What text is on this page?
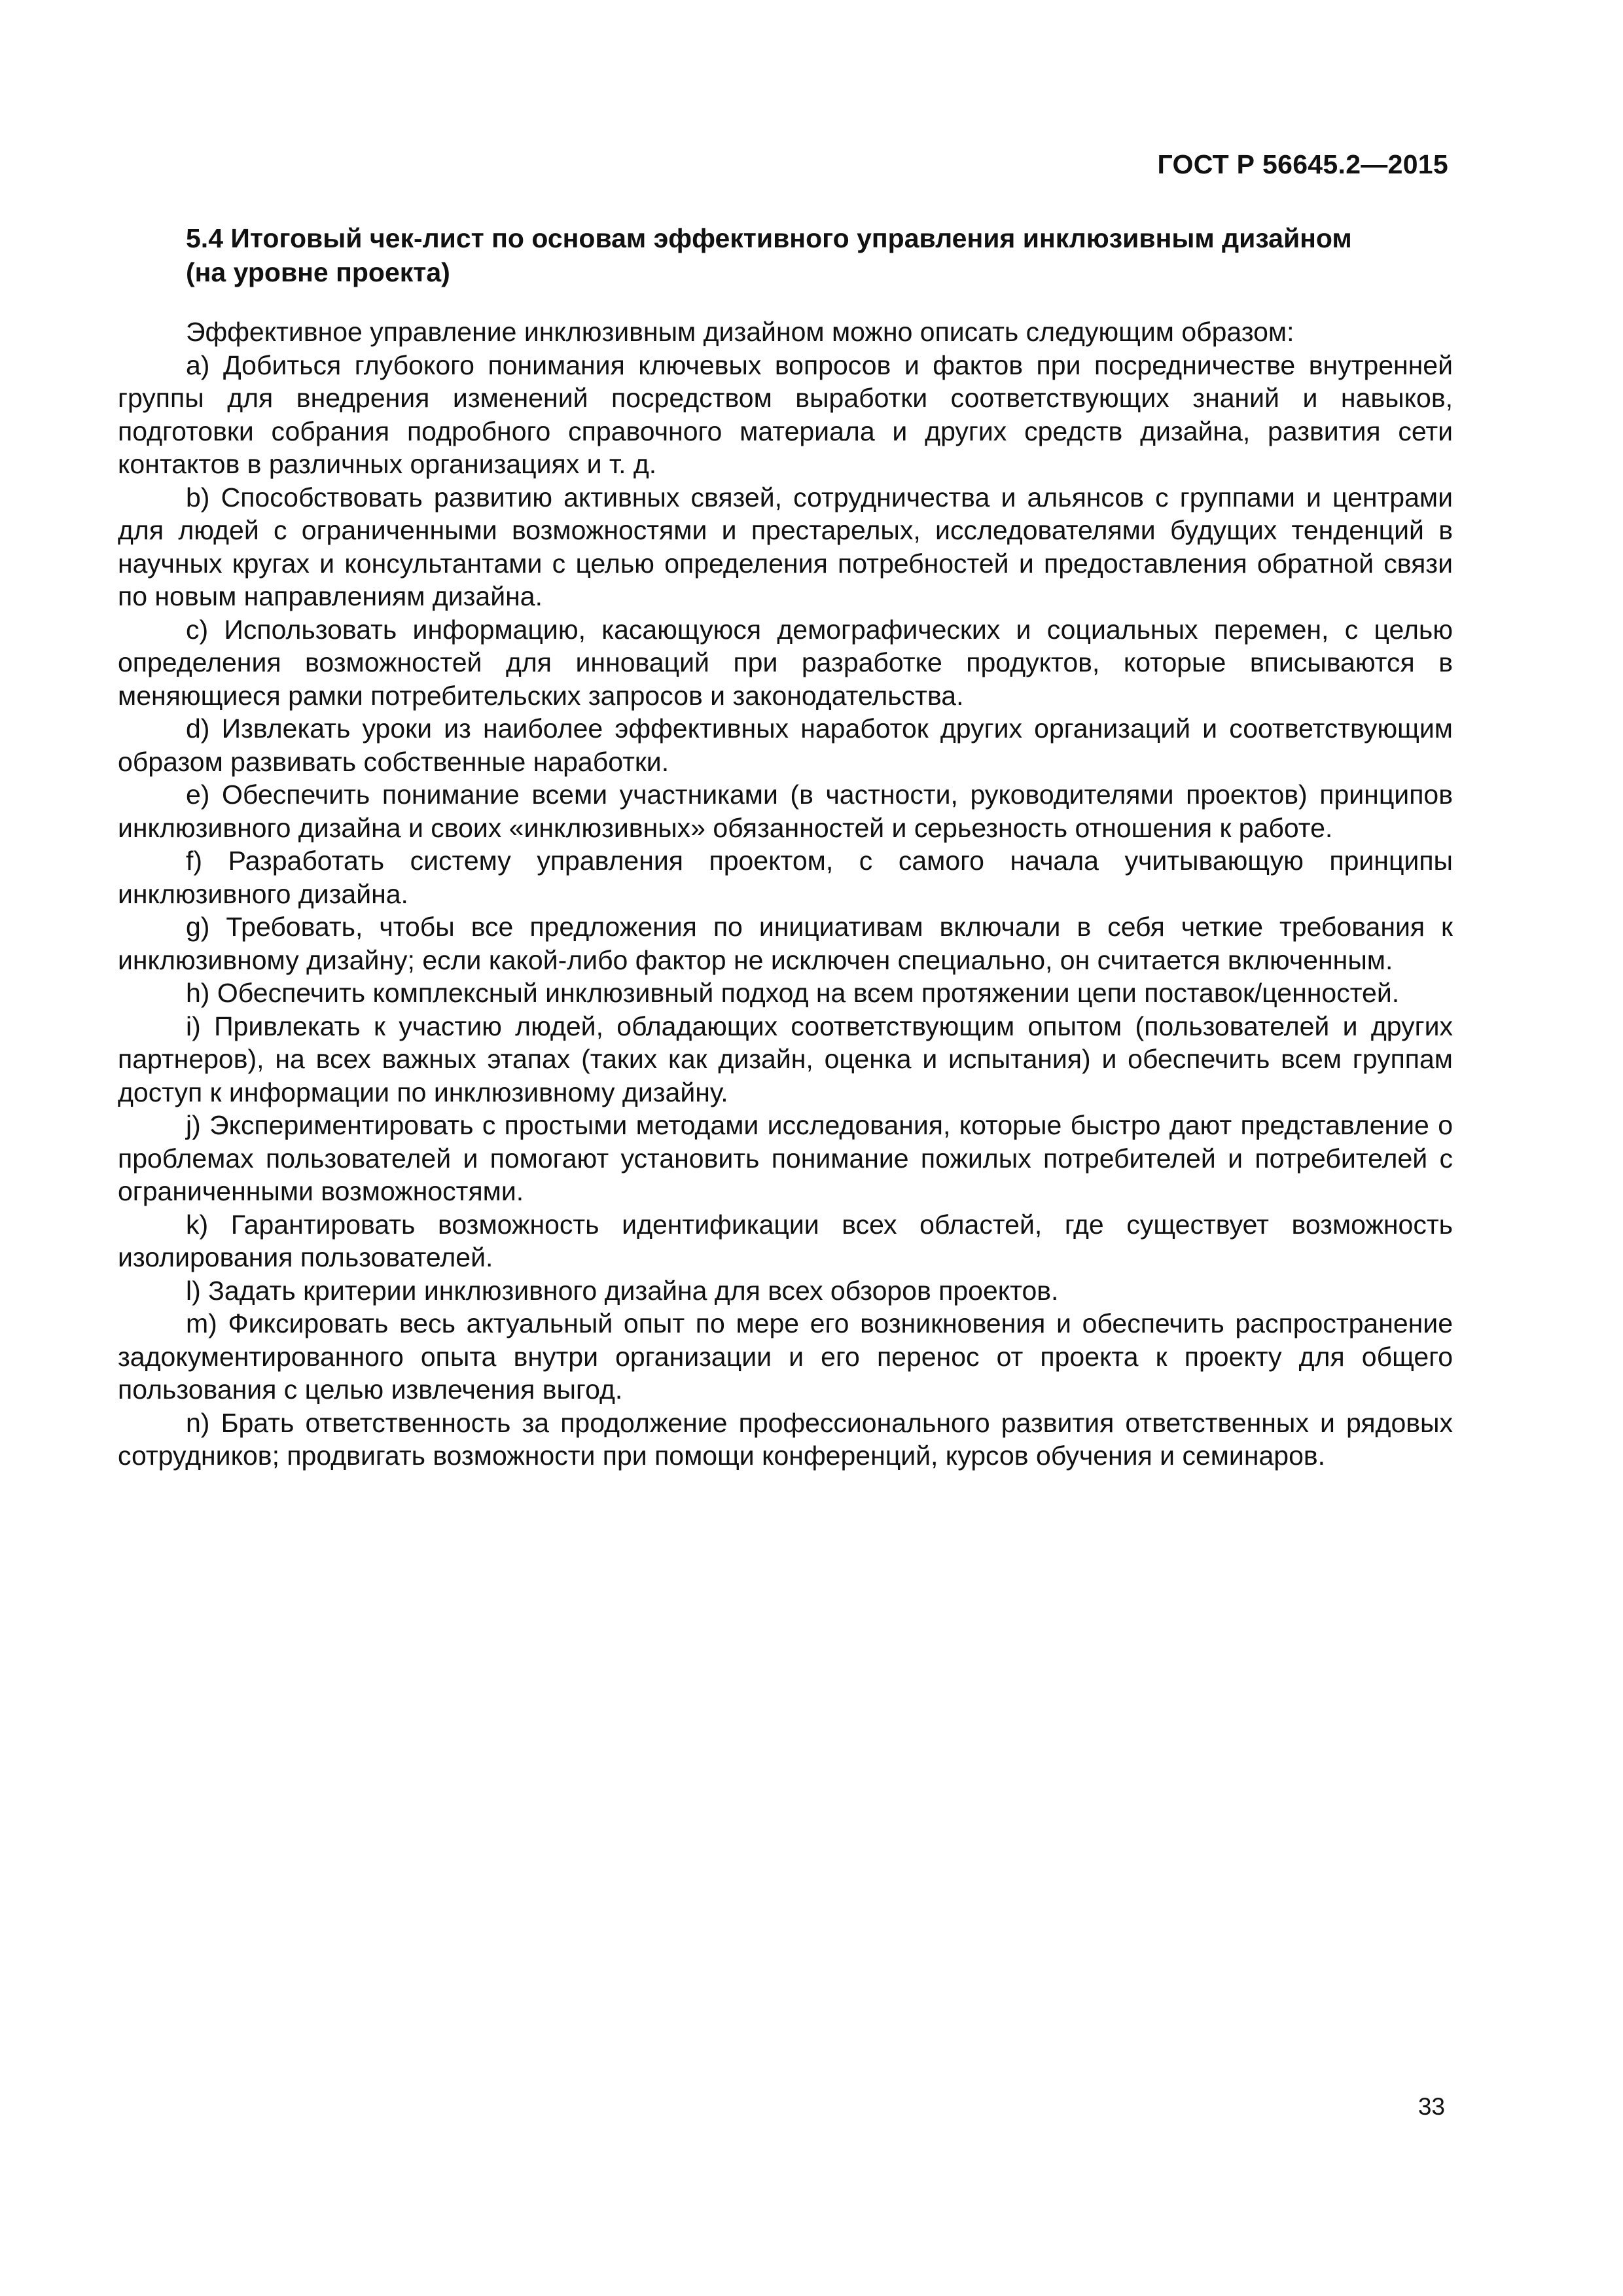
ГОСТ Р 56645.2—2015
5.4 Итоговый чек-лист по основам эффективного управления инклюзивным дизайном
(на уровне проекта)

Эффективное управление инклюзивным дизайном можно описать следующим образом:

а) Добиться глубокого понимания ключевых вопросов и фактов при посредничестве внутренней группы для внедрения изменений посредством выработки соответствующих знаний и навыков, подготовки собрания подробного справочного материала и других средств дизайна, развития сети контактов в различных организациях и т. д.

b) Способствовать развитию активных связей, сотрудничества и альянсов с группами и центрами для людей с ограниченными возможностями и престарелых, исследователями будущих тенденций в научных кругах и консультантами с целью определения потребностей и предоставления обратной связи по новым направлениям дизайна.

c) Использовать информацию, касающуюся демографических и социальных перемен, с целью определения возможностей для инноваций при разработке продуктов, которые вписываются в меняющиеся рамки потребительских запросов и законодательства.

d) Извлекать уроки из наиболее эффективных наработок других организаций и соответствующим образом развивать собственные наработки.

e) Обеспечить понимание всеми участниками (в частности, руководителями проектов) принципов инклюзивного дизайна и своих «инклюзивных» обязанностей и серьезность отношения к работе.

f) Разработать систему управления проектом, с самого начала учитывающую принципы инклюзивного дизайна.

g) Требовать, чтобы все предложения по инициативам включали в себя четкие требования к инклюзивному дизайну; если какой-либо фактор не исключен специально, он считается включенным.

h) Обеспечить комплексный инклюзивный подход на всем протяжении цепи поставок/ценностей.

i) Привлекать к участию людей, обладающих соответствующим опытом (пользователей и других партнеров), на всех важных этапах (таких как дизайн, оценка и испытания) и обеспечить всем группам доступ к информации по инклюзивному дизайну.

j) Экспериментировать с простыми методами исследования, которые быстро дают представление о проблемах пользователей и помогают установить понимание пожилых потребителей и потребителей с ограниченными возможностями.

k) Гарантировать возможность идентификации всех областей, где существует возможность изолирования пользователей.

l) Задать критерии инклюзивного дизайна для всех обзоров проектов.

m) Фиксировать весь актуальный опыт по мере его возникновения и обеспечить распространение задокументированного опыта внутри организации и его перенос от проекта к проекту для общего пользования с целью извлечения выгод.

n) Брать ответственность за продолжение профессионального развития ответственных и рядовых сотрудников; продвигать возможности при помощи конференций, курсов обучения и семинаров.

33
